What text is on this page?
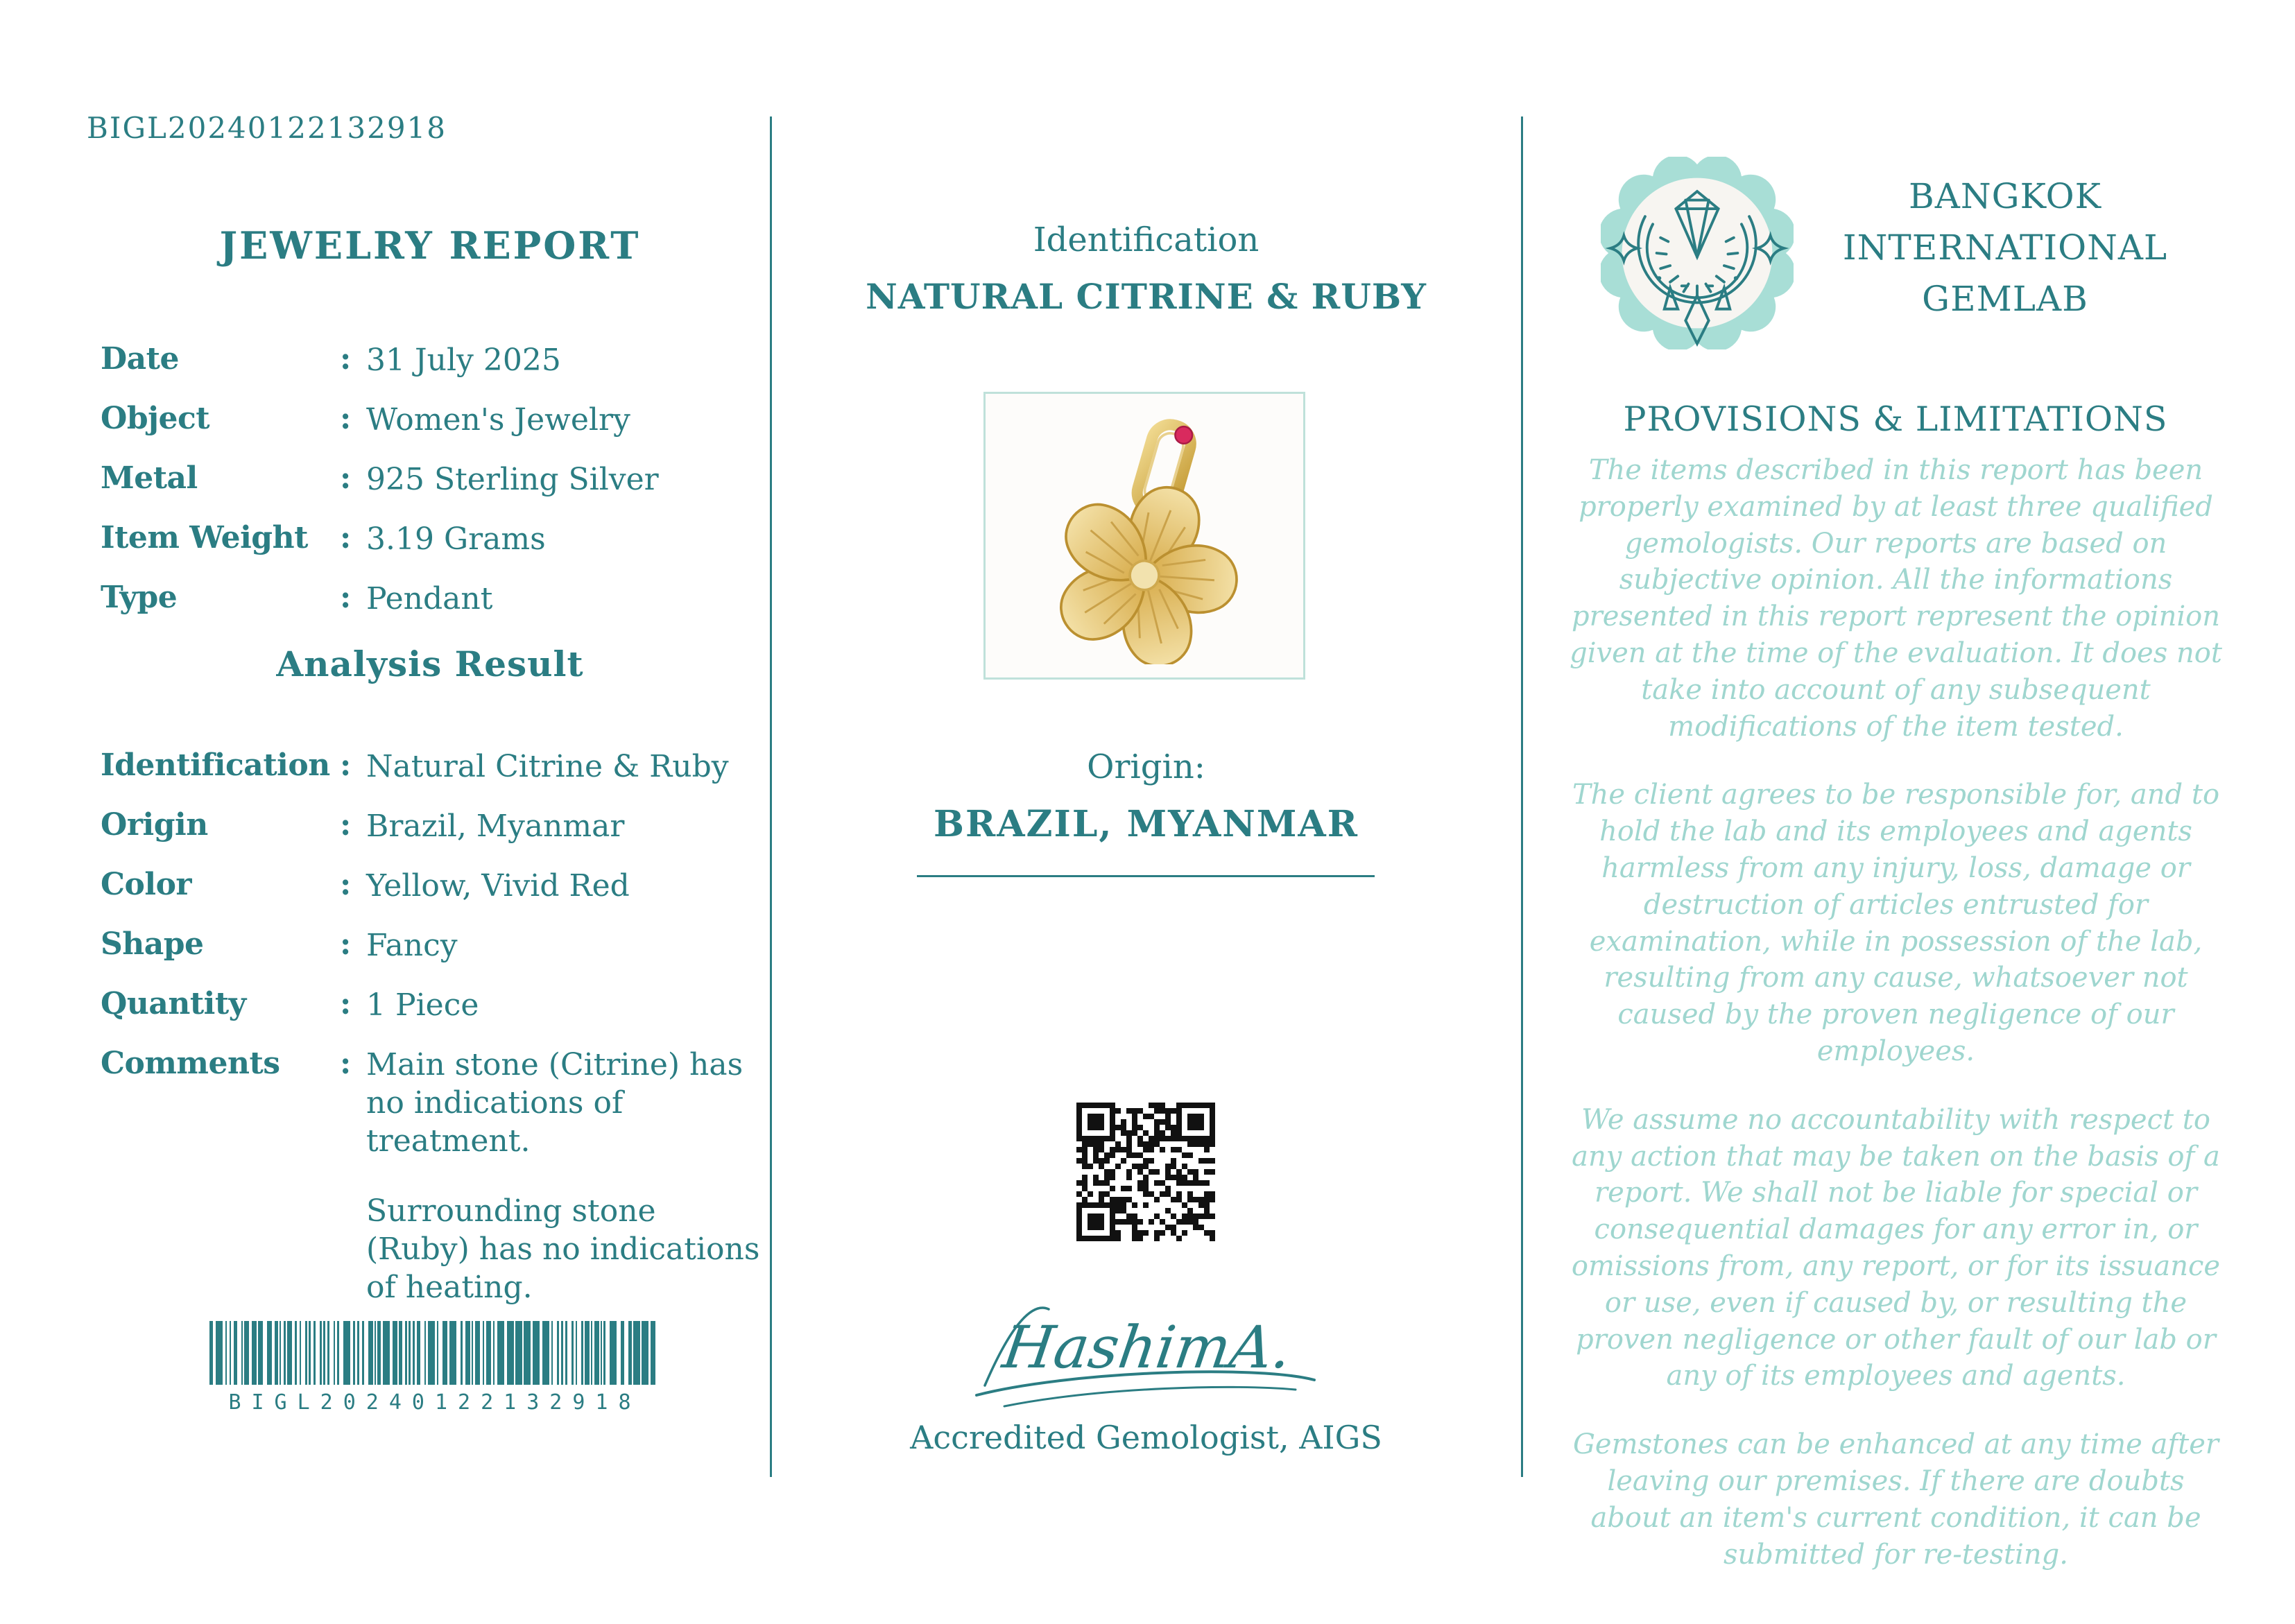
BIGL20240122132918
JEWELRY REPORT
Date	: 31 July 2025
Object	: Women's Jewelry
Metal	: 925 Sterling Silver
Item Weight	: 3.19 Grams
Type	: Pendant
Analysis Result
Identification : Natural Citrine & Ruby
Origin	: Brazil, Myanmar
Color	: Yellow, Vivid Red
Shape	: Fancy
Quantity	: 1 Piece
Comments	: Main stone (Citrine) has no indications of treatment.
Surrounding stone (Ruby) has no indications of heating.
BIGL20240122132918
Identification
NATURAL CITRINE & RUBY
Origin:
BRAZIL, MYANMAR
HashimA.
Accredited Gemologist, AIGS
BANGKOK
INTERNATIONAL
GEMLAB
PROVISIONS & LIMITATIONS

The items described in this report has been properly examined by at least three qualified gemologists. Our reports are based on subjective opinion. All the informations presented in this report represent the opinion given at the time of the evaluation. It does not take into account of any subsequent modifications of the item tested.

The client agrees to be responsible for, and to hold the lab and its employees and agents harmless from any injury, loss, damage or destruction of articles entrusted for examination, while in possession of the lab, resulting from any cause, whatsoever not caused by the proven negligence of our employees.

We assume no accountability with respect to any action that may be taken on the basis of a report. We shall not be liable for special or consequential damages for any error in, or omissions from, any report, or for its issuance or use, even if caused by, or resulting the proven negligence or other fault of our lab or any of its employees and agents.

Gemstones can be enhanced at any time after leaving our premises. If there are doubts about an item's current condition, it can be submitted for re-testing.
